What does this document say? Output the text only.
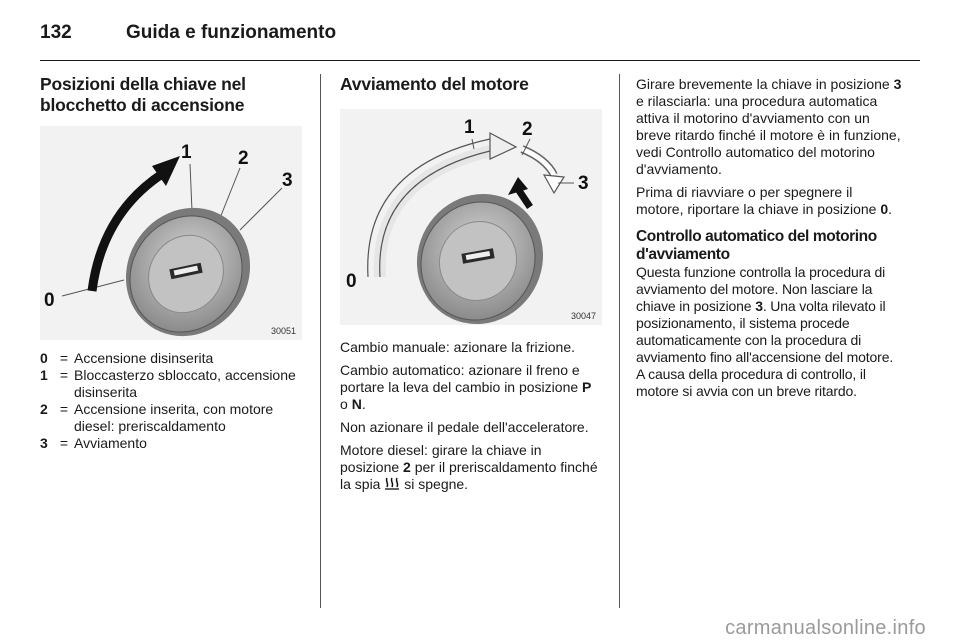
132	Guida e funzionamento
Posizioni della chiave nel blocchetto di accensione
1 2
3
0
30051
0 = Accensione disinserita
1 = Bloccasterzo sbloccato, accensione disinserita
2 = Accensione inserita, con motore diesel: preriscaldamento
3 = Avviamento
Avviamento del motore
1 2
3
0
30047

Cambio manuale: azionare la frizione.

Cambio automatico: azionare il freno e portare la leva del cambio in posizione P o N.

Non azionare il pedale dell'acceleratore.

Motore diesel: girare la chiave in posizione 2 per il preriscaldamento finché la spia  si spegne.

Girare brevemente la chiave in posizione 3 e rilasciarla: una procedura automatica attiva il motorino d'avviamento con un breve ritardo finché il motore è in funzione, vedi Controllo automatico del motorino d'avviamento.

Prima di riavviare o per spegnere il motore, riportare la chiave in posizione 0.

Controllo automatico del motorino d'avviamento

Questa funzione controlla la procedura di avviamento del motore. Non lasciare la chiave in posizione 3. Una volta rilevato il posizionamento, il sistema procede automaticamente con la procedura di avviamento fino all'accensione del motore. A causa della procedura di controllo, il motore si avvia con un breve ritardo.

carmanualsonline.info
